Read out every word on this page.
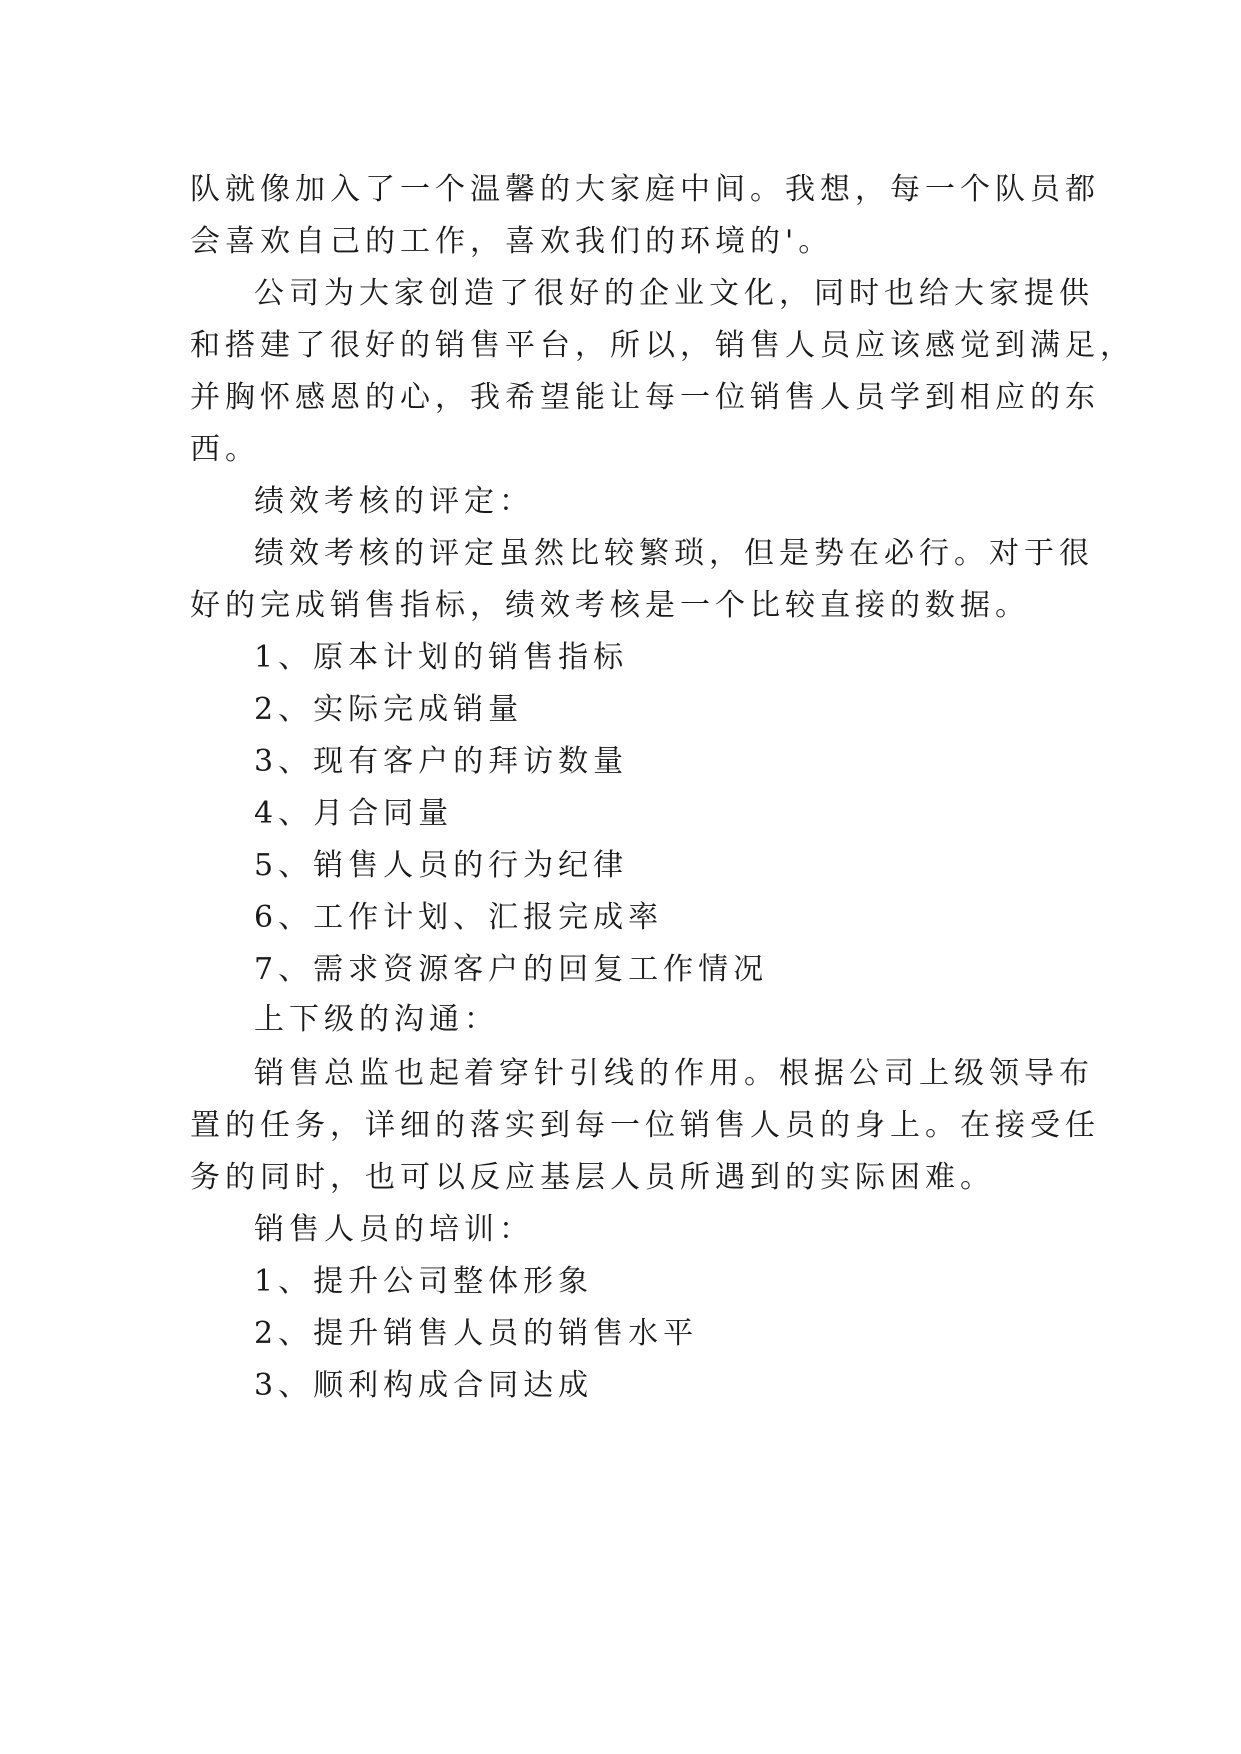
队就像加入了一个温馨的大家庭中间。我想，每一个队员都
会喜欢自己的工作，喜欢我们的环境的'。
公司为大家创造了很好的企业文化，同时也给大家提供
和搭建了很好的销售平台，所以，销售人员应该感觉到满足，
并胸怀感恩的心，我希望能让每一位销售人员学到相应的东
西。
绩效考核的评定：
绩效考核的评定虽然比较繁琐，但是势在必行。对于很
好的完成销售指标，绩效考核是一个比较直接的数据。
1、原本计划的销售指标
2、实际完成销量
3、现有客户的拜访数量
4、月合同量
5、销售人员的行为纪律
6、工作计划、汇报完成率
7、需求资源客户的回复工作情况
上下级的沟通：
销售总监也起着穿针引线的作用。根据公司上级领导布
置的任务，详细的落实到每一位销售人员的身上。在接受任
务的同时，也可以反应基层人员所遇到的实际困难。
销售人员的培训：
1、提升公司整体形象
2、提升销售人员的销售水平
3、顺利构成合同达成
